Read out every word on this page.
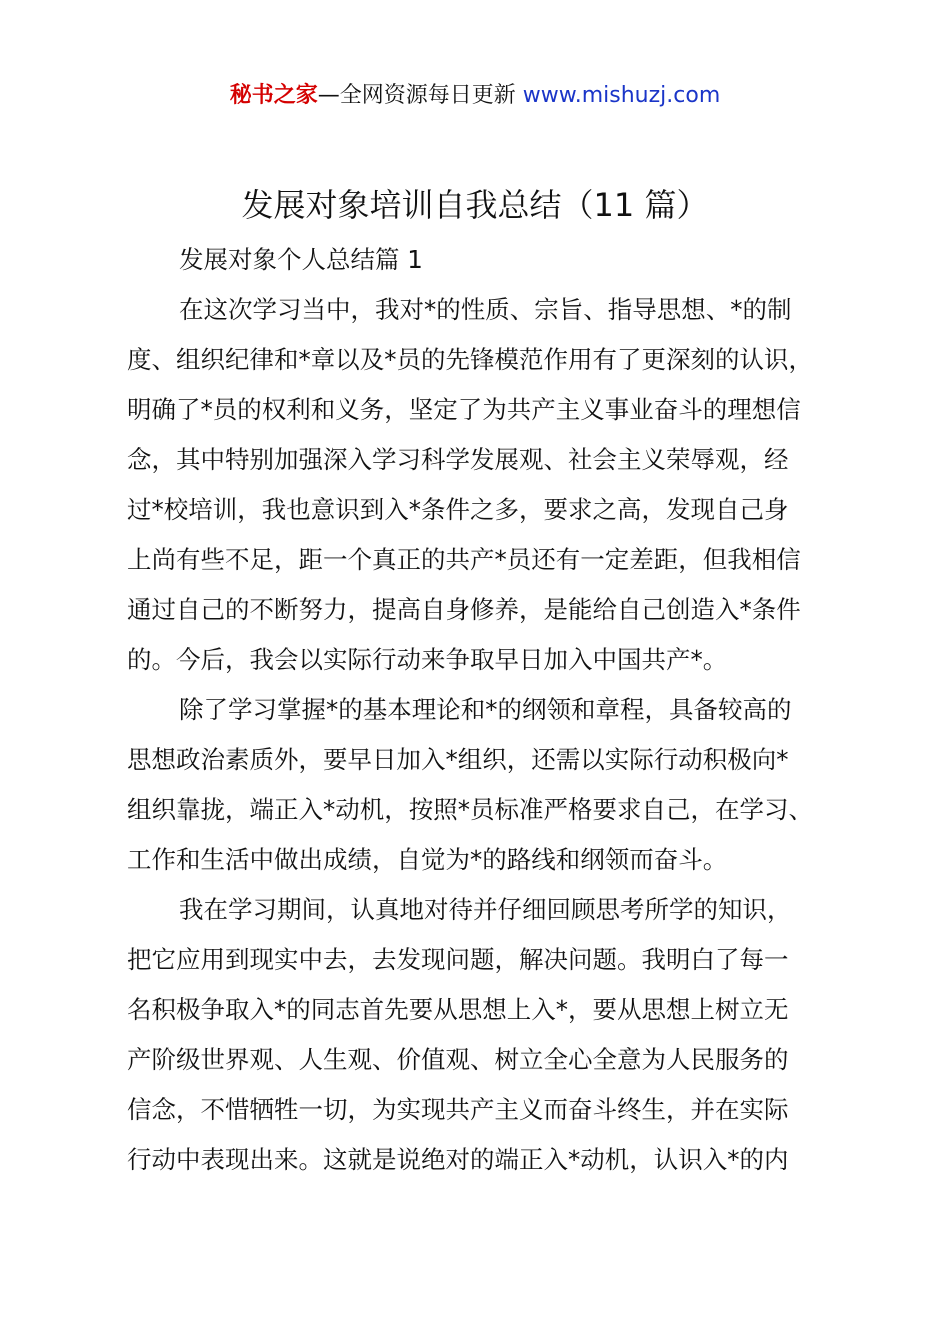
秘书之家—全网资源每日更新 www.mishuzj.com
发展对象培训自我总结（11 篇）

发展对象个人总结篇 1

在这次学习当中，我对*的性质、宗旨、指导思想、*的制
度、组织纪律和*章以及*员的先锋模范作用有了更深刻的认识，
明确了*员的权利和义务，坚定了为共产主义事业奋斗的理想信
念，其中特别加强深入学习科学发展观、社会主义荣辱观，经
过*校培训，我也意识到入*条件之多，要求之高，发现自己身
上尚有些不足，距一个真正的共产*员还有一定差距，但我相信
通过自己的不断努力，提高自身修养，是能给自己创造入*条件
的。今后，我会以实际行动来争取早日加入中国共产*。

除了学习掌握*的基本理论和*的纲领和章程，具备较高的
思想政治素质外，要早日加入*组织，还需以实际行动积极向*
组织靠拢，端正入*动机，按照*员标准严格要求自己，在学习、
工作和生活中做出成绩，自觉为*的路线和纲领而奋斗。

我在学习期间，认真地对待并仔细回顾思考所学的知识，
把它应用到现实中去，去发现问题，解决问题。我明白了每一
名积极争取入*的同志首先要从思想上入*，要从思想上树立无
产阶级世界观、人生观、价值观、树立全心全意为人民服务的
信念，不惜牺牲一切，为实现共产主义而奋斗终生，并在实际
行动中表现出来。这就是说绝对的端正入*动机，认识入*的内
